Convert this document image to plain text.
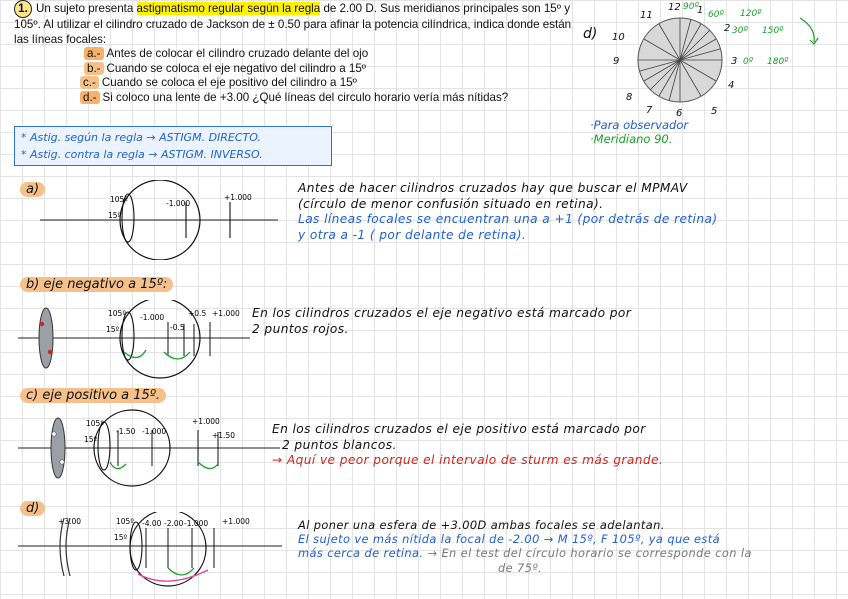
1. Un sujeto presenta astigmatismo regular según la regla de 2.00 D. Sus meridianos principales son 15º y 105º. Al utilizar el cilindro cruzado de Jackson de ± 0.50 para afinar la potencia cilíndrica, indica donde están las líneas focales:
a.- Antes de colocar el cilindro cruzado delante del ojo
b.- Cuando se coloca el eje negativo del cilindro a 15º
c.- Cuando se coloca el eje positivo del cilindro a 15º
d.- Si coloco una lente de +3.00 ¿Qué líneas del circulo horario vería más nítidas?
* Astig. según la regla → ASTIGM. DIRECTO.
* Astig. contra la regla → ASTIGM. INVERSO.
d)
1
2
3
4
5
6
7
8
9
10
11
12 90º
60º
30º
0º
120º
150º
180º
·Para observador
·Meridiano 90.
a)
105º
15º
-1.000
+1.000
Antes de hacer cilindros cruzados hay que buscar el MPMAV
(círculo de menor confusión situado en retina).
Las líneas focales se encuentran una a +1 (por detrás de retina)
y otra a -1 ( por delante de retina).
b) eje negativo a 15º:
105º
15º
-1.000
-0.5
+0.5 +1.000 En los cilindros cruzados el eje negativo está marcado por
2 puntos rojos.
c) eje positivo a 15º.
105º
15º
-1.50 -1.000
+1.000
+1.50	En los cilindros cruzados el eje positivo está marcado por
2 puntos blancos.
→ Aquí ve peor porque el intervalo de sturm es más grande.
d)
+3.00	105º
15º
-4.00 -2.00 -1.000 +1.000	Al poner una esfera de +3.00D ambas focales se adelantan.
El sujeto ve más nítida la focal de -2.00 → M 15º, F 105º, ya que está
más cerca de retina. → En el test del círculo horario se corresponde con la
de 75º.
